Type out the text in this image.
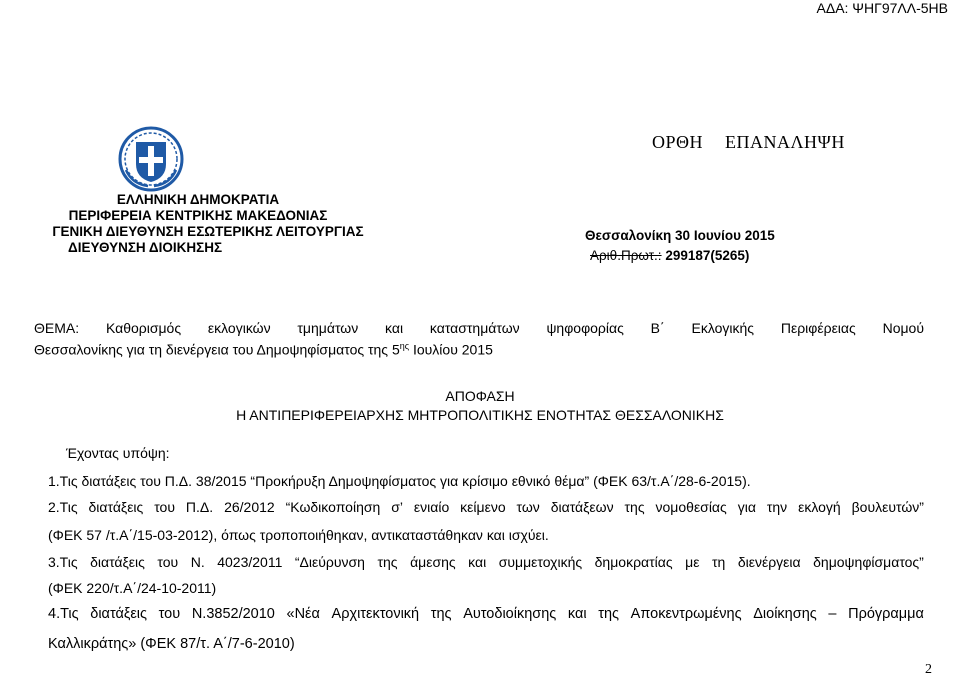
ΑΔΑ: ΨΗΓ97ΛΛ-5ΗΒ
ΟΡΘΗ ΕΠΑΝΑΛΗΨΗ
ΕΛΛΗΝΙΚΗ ΔΗΜΟΚΡΑΤΙΑ
ΠΕΡΙΦΕΡΕΙΑ ΚΕΝΤΡΙΚΗΣ ΜΑΚΕΔΟΝΙΑΣ
ΓΕΝΙΚΗ ΔΙΕΥΘΥΝΣΗ ΕΣΩΤΕΡΙΚΗΣ ΛΕΙΤΟΥΡΓΙΑΣ
ΔΙΕΥΘΥΝΣΗ ΔΙΟΙΚΗΣΗΣ
Θεσσαλονίκη 30 Ιουνίου 2015
Αριθ.Πρωτ.: 299187(5265)
ΘΕΜΑ: Καθορισμός εκλογικών τμημάτων και καταστημάτων ψηφοφορίας Β΄ Εκλογικής Περιφέρειας Νομού
Θεσσαλονίκης για τη διενέργεια του Δημοψηφίσματος της $5^{\eta\varsigma}$ Ιουλίου 2015
ΑΠΟΦΑΣΗ
Η ΑΝΤΙΠΕΡΙΦΕΡΕΙΑΡΧΗΣ ΜΗΤΡΟΠΟΛΙΤΙΚΗΣ ΕΝΟΤΗΤΑΣ ΘΕΣΣΑΛΟΝΙΚΗΣ
Έχοντας υπόψη:
1.Τις διατάξεις του Π.Δ. 38/2015 “Προκήρυξη Δημοψηφίσματος για κρίσιμο εθνικό θέμα” (ΦΕΚ 63/τ.Α΄/28-6-2015).
2.Τις διατάξεις του Π.Δ. 26/2012 “Κωδικοποίηση σ’ ενιαίο κείμενο των διατάξεων της νομοθεσίας για την εκλογή βουλευτών”
(ΦΕΚ 57 /τ.Α΄/15-03-2012), όπως τροποποιήθηκαν, αντικαταστάθηκαν και ισχύει.
3.Τις διατάξεις του Ν. 4023/2011 “Διεύρυνση της άμεσης και συμμετοχικής δημοκρατίας με τη διενέργεια δημοψηφίσματος”
(ΦΕΚ 220/τ.Α΄/24-10-2011)
4.Τις διατάξεις του Ν.3852/2010 «Νέα Αρχιτεκτονική της Αυτοδιοίκησης και της Αποκεντρωμένης Διοίκησης – Πρόγραμμα
Καλλικράτης» (ΦΕΚ 87/τ. Α΄/7-6-2010)
2
